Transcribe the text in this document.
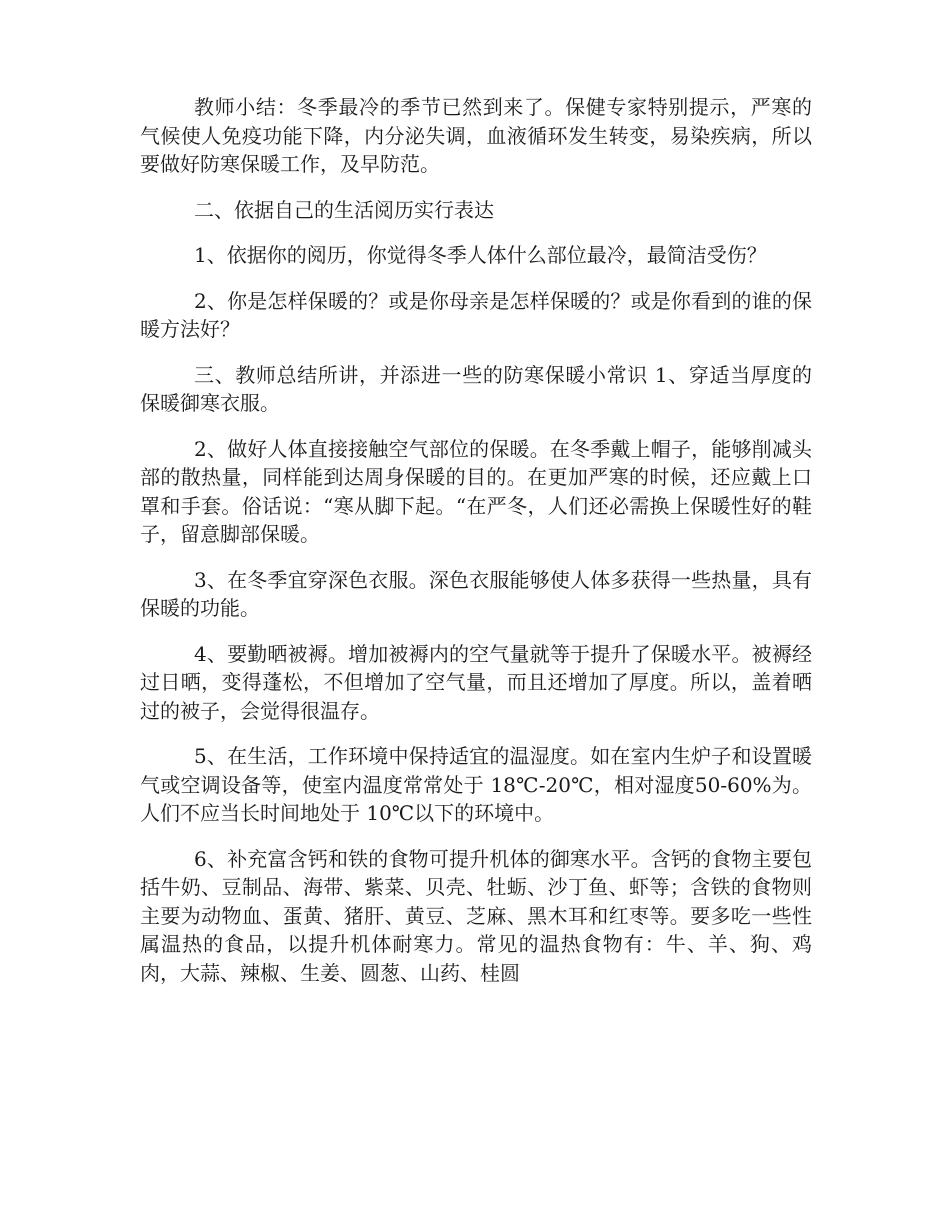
教师小结：冬季最冷的季节已然到来了。保健专家特别提示，严寒的气候使人免疫功能下降，内分泌失调，血液循环发生转变，易染疾病，所以要做好防寒保暖工作，及早防范。

二、依据自己的生活阅历实行表达

1、依据你的阅历，你觉得冬季人体什么部位最冷，最简洁受伤？

2、你是怎样保暖的？或是你母亲是怎样保暖的？或是你看到的谁的保暖方法好？

三、教师总结所讲，并添进一些的防寒保暖小常识 1、穿适当厚度的保暖御寒衣服。

2、做好人体直接接触空气部位的保暖。在冬季戴上帽子，能够削减头部的散热量，同样能到达周身保暖的目的。在更加严寒的时候，还应戴上口罩和手套。俗话说：“寒从脚下起。“在严冬，人们还必需换上保暖性好的鞋子，留意脚部保暖。

3、在冬季宜穿深色衣服。深色衣服能够使人体多获得一些热量，具有保暖的功能。

4、要勤晒被褥。增加被褥内的空气量就等于提升了保暖水平。被褥经过日晒，变得蓬松，不但增加了空气量，而且还增加了厚度。所以，盖着晒过的被子，会觉得很温存。

5、在生活，工作环境中保持适宜的温湿度。如在室内生炉子和设置暖气或空调设备等，使室内温度常常处于 18℃-20℃，相对湿度50-60%为。人们不应当长时间地处于 10℃以下的环境中。

6、补充富含钙和铁的食物可提升机体的御寒水平。含钙的食物主要包括牛奶、豆制品、海带、紫菜、贝壳、牡蛎、沙丁鱼、虾等；含铁的食物则主要为动物血、蛋黄、猪肝、黄豆、芝麻、黑木耳和红枣等。要多吃一些性属温热的食品，以提升机体耐寒力。常见的温热食物有：牛、羊、狗、鸡肉，大蒜、辣椒、生姜、圆葱、山药、桂圆
